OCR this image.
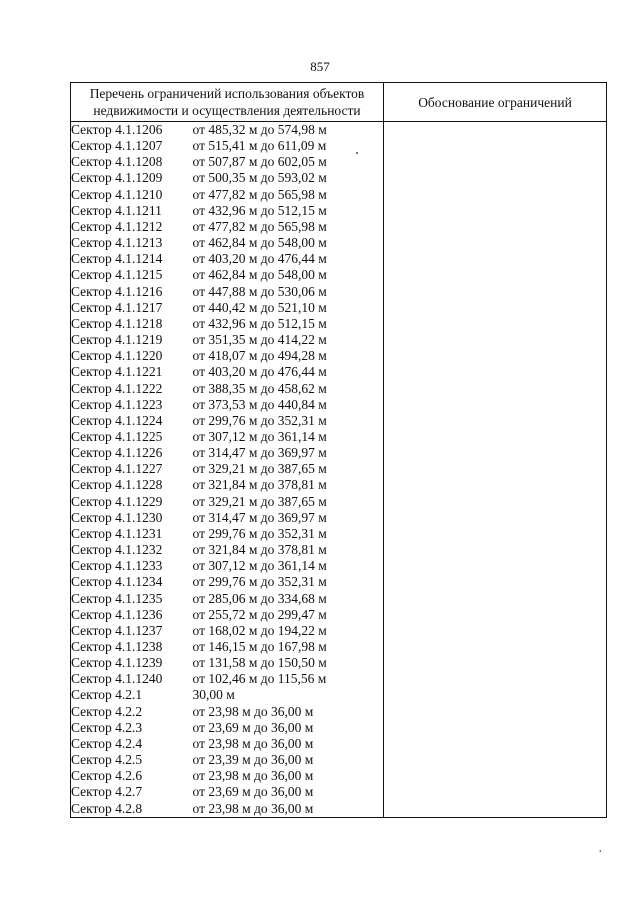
857
Перечень ограничений использования объектов недвижимости и осуществления деятельности		Обоснование ограничений
Сектор 4.1.1206	от 485,32 м до 574,98 м	
Сектор 4.1.1207	от 515,41 м до 611,09 м	
Сектор 4.1.1208	от 507,87 м до 602,05 м	
Сектор 4.1.1209	от 500,35 м до 593,02 м	
Сектор 4.1.1210	от 477,82 м до 565,98 м	
Сектор 4.1.1211	от 432,96 м до 512,15 м	
Сектор 4.1.1212	от 477,82 м до 565,98 м	
Сектор 4.1.1213	от 462,84 м до 548,00 м	
Сектор 4.1.1214	от 403,20 м до 476,44 м	
Сектор 4.1.1215	от 462,84 м до 548,00 м	
Сектор 4.1.1216	от 447,88 м до 530,06 м	
Сектор 4.1.1217	от 440,42 м до 521,10 м	
Сектор 4.1.1218	от 432,96 м до 512,15 м	
Сектор 4.1.1219	от 351,35 м до 414,22 м	
Сектор 4.1.1220	от 418,07 м до 494,28 м	
Сектор 4.1.1221	от 403,20 м до 476,44 м	
Сектор 4.1.1222	от 388,35 м до 458,62 м	
Сектор 4.1.1223	от 373,53 м до 440,84 м	
Сектор 4.1.1224	от 299,76 м до 352,31 м	
Сектор 4.1.1225	от 307,12 м до 361,14 м	
Сектор 4.1.1226	от 314,47 м до 369,97 м	
Сектор 4.1.1227	от 329,21 м до 387,65 м	
Сектор 4.1.1228	от 321,84 м до 378,81 м	
Сектор 4.1.1229	от 329,21 м до 387,65 м	
Сектор 4.1.1230	от 314,47 м до 369,97 м	
Сектор 4.1.1231	от 299,76 м до 352,31 м	
Сектор 4.1.1232	от 321,84 м до 378,81 м	
Сектор 4.1.1233	от 307,12 м до 361,14 м	
Сектор 4.1.1234	от 299,76 м до 352,31 м	
Сектор 4.1.1235	от 285,06 м до 334,68 м	
Сектор 4.1.1236	от 255,72 м до 299,47 м	
Сектор 4.1.1237	от 168,02 м до 194,22 м	
Сектор 4.1.1238	от 146,15 м до 167,98 м	
Сектор 4.1.1239	от 131,58 м до 150,50 м	
Сектор 4.1.1240	от 102,46 м до 115,56 м	
Сектор 4.2.1	30,00 м	
Сектор 4.2.2	от 23,98 м до 36,00 м	
Сектор 4.2.3	от 23,69 м до 36,00 м	
Сектор 4.2.4	от 23,98 м до 36,00 м	
Сектор 4.2.5	от 23,39 м до 36,00 м	
Сектор 4.2.6	от 23,98 м до 36,00 м	
Сектор 4.2.7	от 23,69 м до 36,00 м	
Сектор 4.2.8	от 23,98 м до 36,00 м	
,
